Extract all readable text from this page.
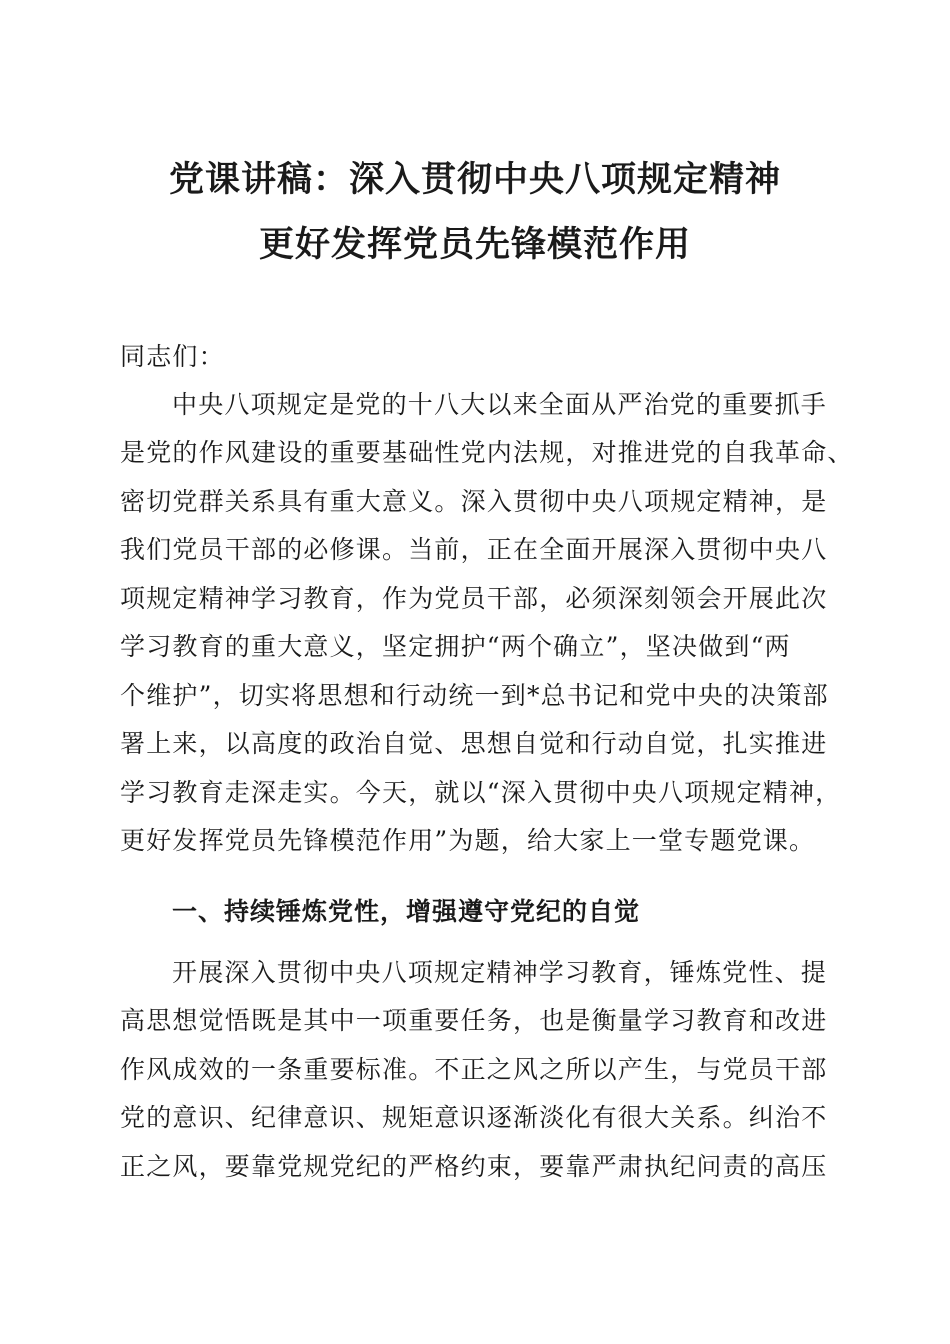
党课讲稿：深入贯彻中央八项规定精神
更好发挥党员先锋模范作用
同志们：
中央八项规定是党的十八大以来全面从严治党的重要抓手
是党的作风建设的重要基础性党内法规，对推进党的自我革命、
密切党群关系具有重大意义。深入贯彻中央八项规定精神，是
我们党员干部的必修课。当前，正在全面开展深入贯彻中央八
项规定精神学习教育，作为党员干部，必须深刻领会开展此次
学习教育的重大意义，坚定拥护“两个确立”，坚决做到“两
个维护”，切实将思想和行动统一到*总书记和党中央的决策部
署上来，以高度的政治自觉、思想自觉和行动自觉，扎实推进
学习教育走深走实。今天，就以“深入贯彻中央八项规定精神，
更好发挥党员先锋模范作用”为题，给大家上一堂专题党课。
一、持续锤炼党性，增强遵守党纪的自觉
开展深入贯彻中央八项规定精神学习教育，锤炼党性、提
高思想觉悟既是其中一项重要任务，也是衡量学习教育和改进
作风成效的一条重要标准。不正之风之所以产生，与党员干部
党的意识、纪律意识、规矩意识逐渐淡化有很大关系。纠治不
正之风，要靠党规党纪的严格约束，要靠严肃执纪问责的高压
